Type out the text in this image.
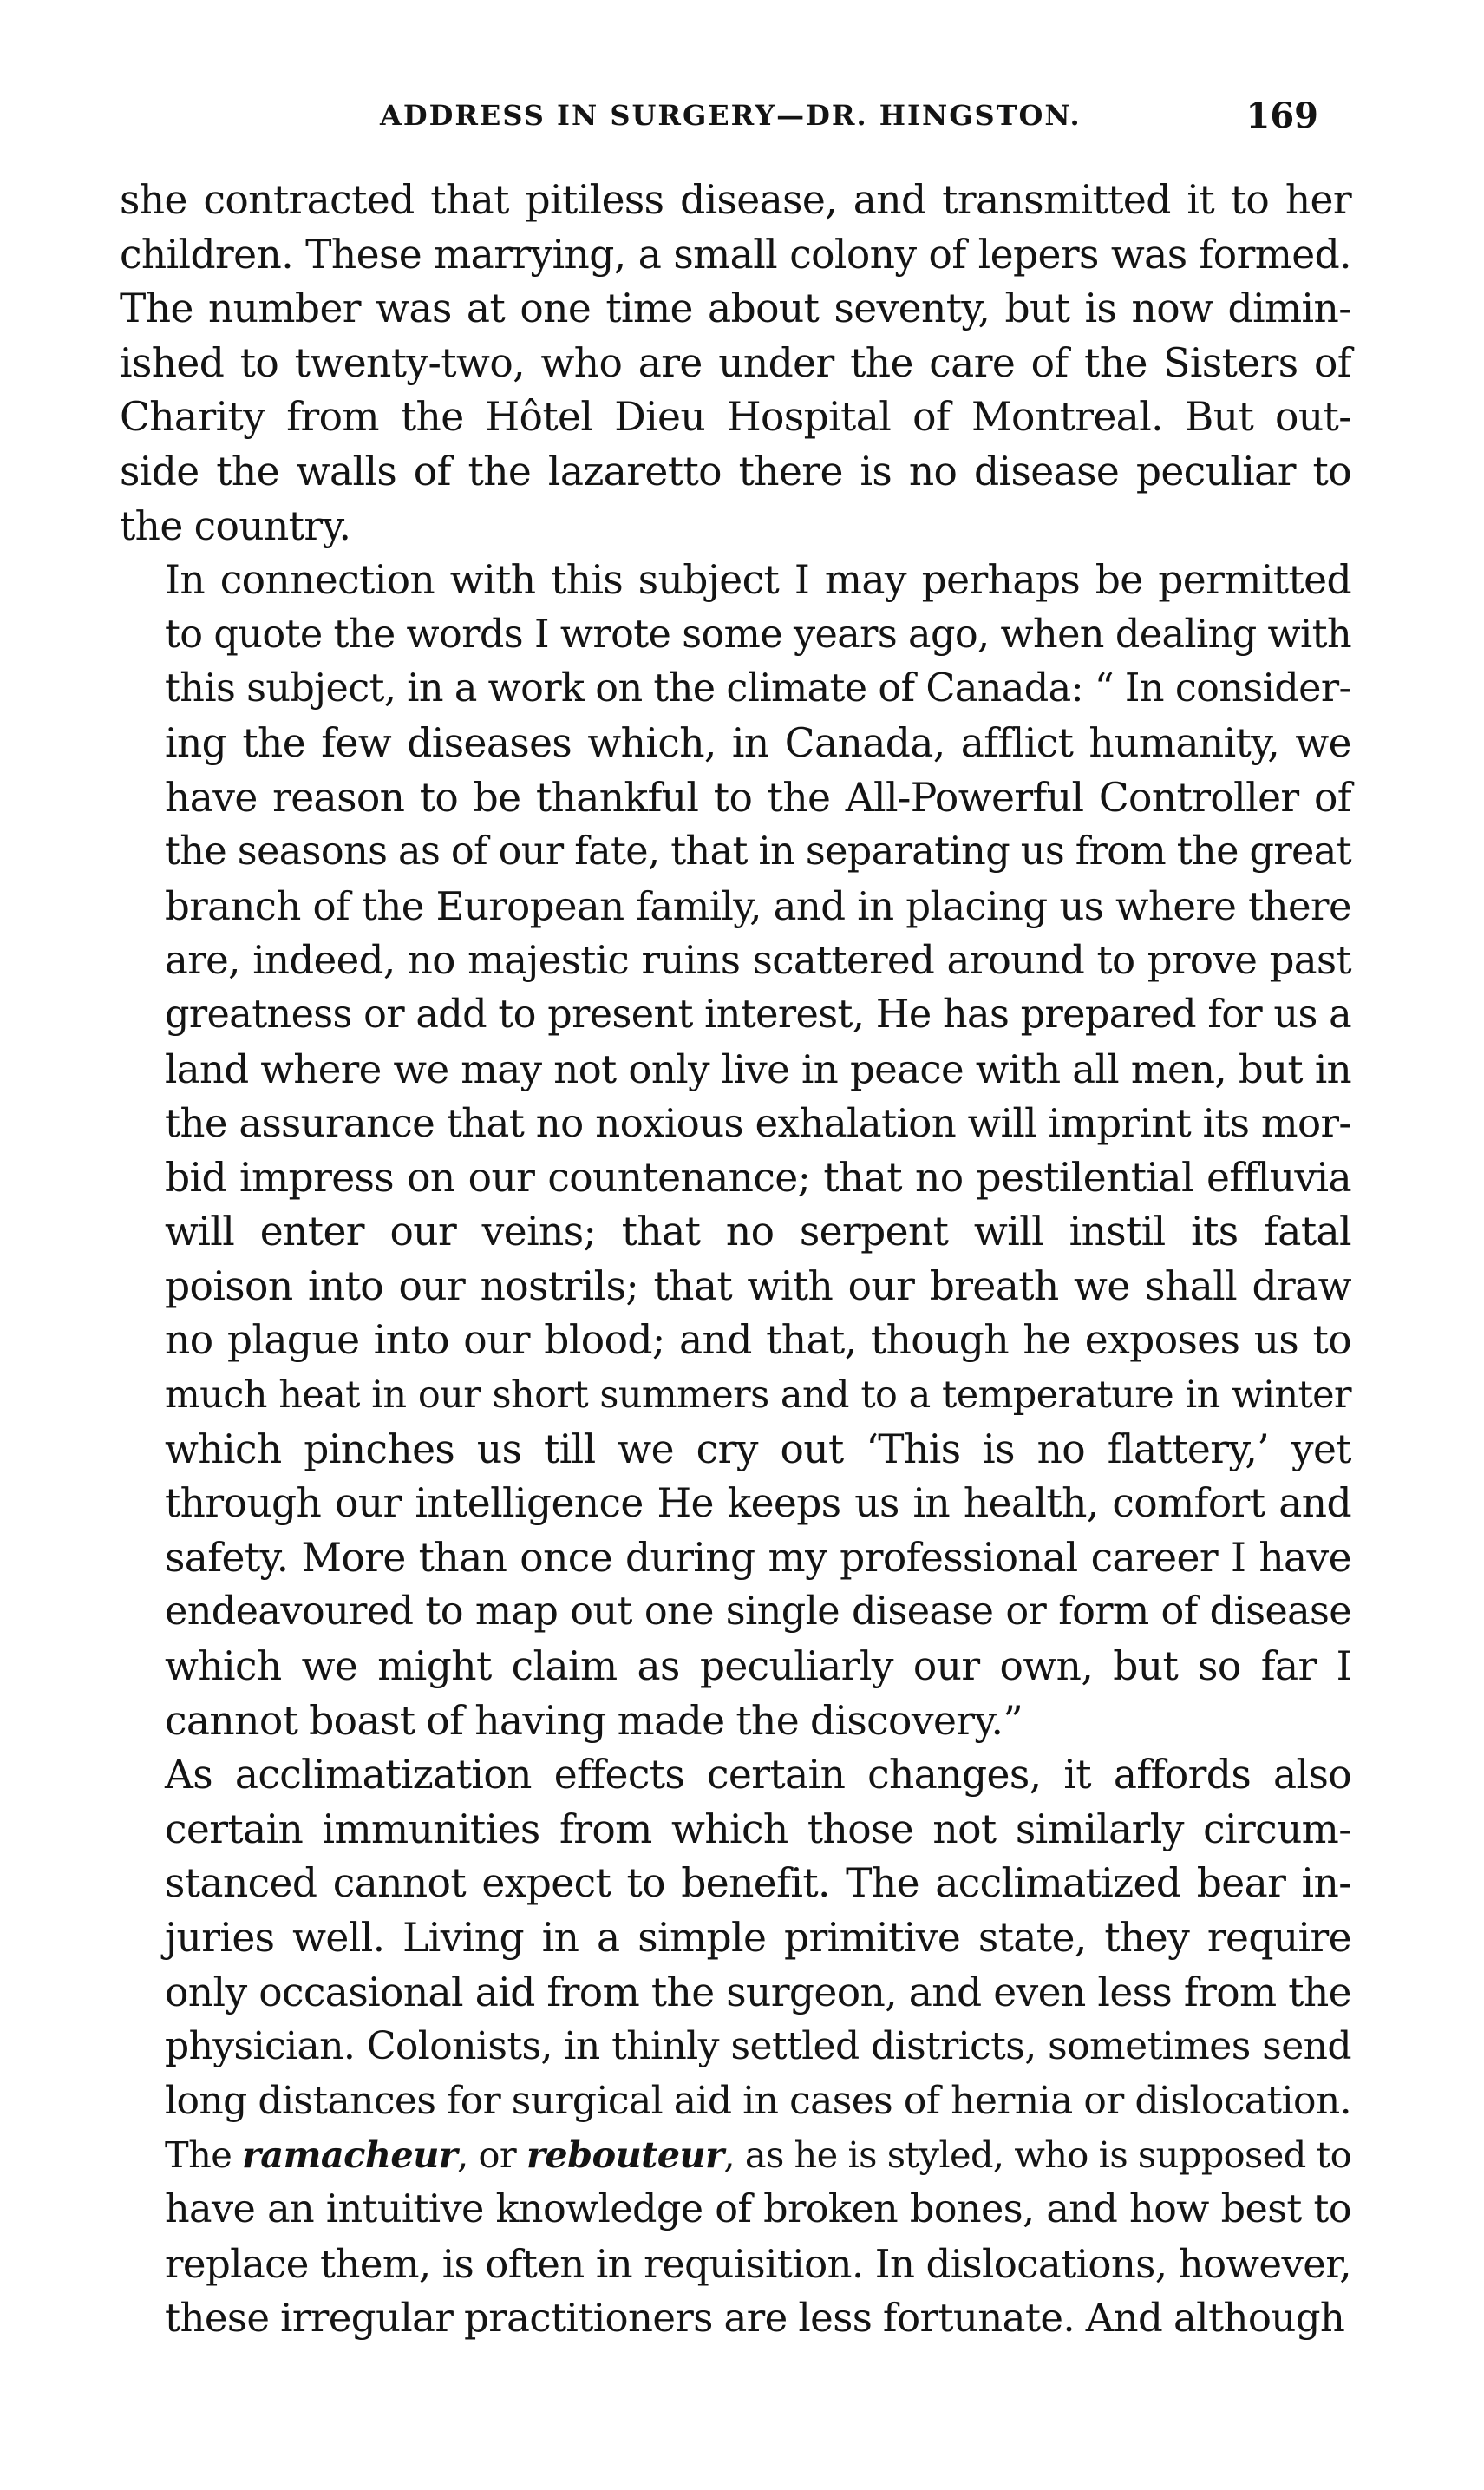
ADDRESS IN SURGERY—DR. HINGSTON.	169

she contracted that pitiless disease, and transmitted it to her
children. These marrying, a small colony of lepers was formed.
The number was at one time about seventy, but is now dimin-
ished to twenty-two, who are under the care of the Sisters of
Charity from the Hôtel Dieu Hospital of Montreal. But out-
side the walls of the lazaretto there is no disease peculiar to
the country.

In connection with this subject I may perhaps be permitted
to quote the words I wrote some years ago, when dealing with
this subject, in a work on the climate of Canada: “ In consider-
ing the few diseases which, in Canada, afflict humanity, we
have reason to be thankful to the All-Powerful Controller of
the seasons as of our fate, that in separating us from the great
branch of the European family, and in placing us where there
are, indeed, no majestic ruins scattered around to prove past
greatness or add to present interest, He has prepared for us a
land where we may not only live in peace with all men, but in
the assurance that no noxious exhalation will imprint its mor-
bid impress on our countenance; that no pestilential effluvia
will enter our veins; that no serpent will instil its fatal
poison into our nostrils; that with our breath we shall draw
no plague into our blood; and that, though he exposes us to
much heat in our short summers and to a temperature in winter
which pinches us till we cry out ‘This is no flattery,’ yet
through our intelligence He keeps us in health, comfort and
safety. More than once during my professional career I have
endeavoured to map out one single disease or form of disease
which we might claim as peculiarly our own, but so far I
cannot boast of having made the discovery.”

As acclimatization effects certain changes, it affords also
certain immunities from which those not similarly circum-
stanced cannot expect to benefit. The acclimatized bear in-
juries well. Living in a simple primitive state, they require
only occasional aid from the surgeon, and even less from the
physician. Colonists, in thinly settled districts, sometimes send
long distances for surgical aid in cases of hernia or dislocation.
The ramacheur, or rebouteur, as he is styled, who is supposed to
have an intuitive knowledge of broken bones, and how best to
replace them, is often in requisition. In dislocations, however,
these irregular practitioners are less fortunate. And although
